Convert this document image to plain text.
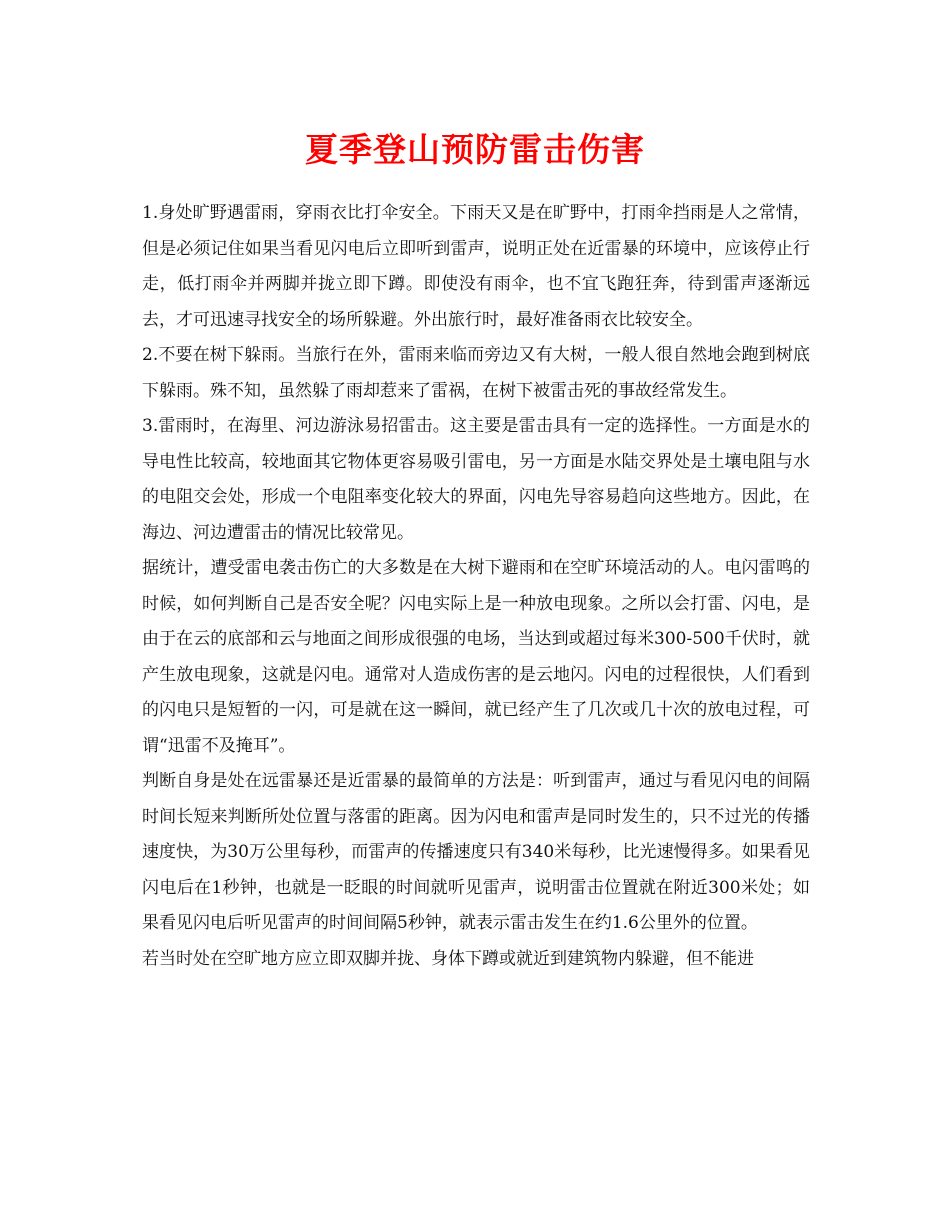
夏季登山预防雷击伤害

1.身处旷野遇雷雨，穿雨衣比打伞安全。下雨天又是在旷野中，打雨伞挡雨是人之常情，但是必须记住如果当看见闪电后立即听到雷声，说明正处在近雷暴的环境中，应该停止行走，低打雨伞并两脚并拢立即下蹲。即使没有雨伞，也不宜飞跑狂奔，待到雷声逐渐远去，才可迅速寻找安全的场所躲避。外出旅行时，最好准备雨衣比较安全。

2.不要在树下躲雨。当旅行在外，雷雨来临而旁边又有大树，一般人很自然地会跑到树底下躲雨。殊不知，虽然躲了雨却惹来了雷祸，在树下被雷击死的事故经常发生。

3.雷雨时，在海里、河边游泳易招雷击。这主要是雷击具有一定的选择性。一方面是水的导电性比较高，较地面其它物体更容易吸引雷电，另一方面是水陆交界处是土壤电阻与水的电阻交会处，形成一个电阻率变化较大的界面，闪电先导容易趋向这些地方。因此，在海边、河边遭雷击的情况比较常见。

据统计，遭受雷电袭击伤亡的大多数是在大树下避雨和在空旷环境活动的人。电闪雷鸣的时候，如何判断自己是否安全呢？闪电实际上是一种放电现象。之所以会打雷、闪电，是由于在云的底部和云与地面之间形成很强的电场，当达到或超过每米300-500千伏时，就产生放电现象，这就是闪电。通常对人造成伤害的是云地闪。闪电的过程很快，人们看到的闪电只是短暂的一闪，可是就在这一瞬间，就已经产生了几次或几十次的放电过程，可谓“迅雷不及掩耳”。

判断自身是处在远雷暴还是近雷暴的最简单的方法是：听到雷声，通过与看见闪电的间隔时间长短来判断所处位置与落雷的距离。因为闪电和雷声是同时发生的，只不过光的传播速度快，为30万公里每秒，而雷声的传播速度只有340米每秒，比光速慢得多。如果看见闪电后在1秒钟，也就是一眨眼的时间就听见雷声，说明雷击位置就在附近300米处；如果看见闪电后听见雷声的时间间隔5秒钟，就表示雷击发生在约1.6公里外的位置。

若当时处在空旷地方应立即双脚并拢、身体下蹲或就近到建筑物内躲避，但不能进
